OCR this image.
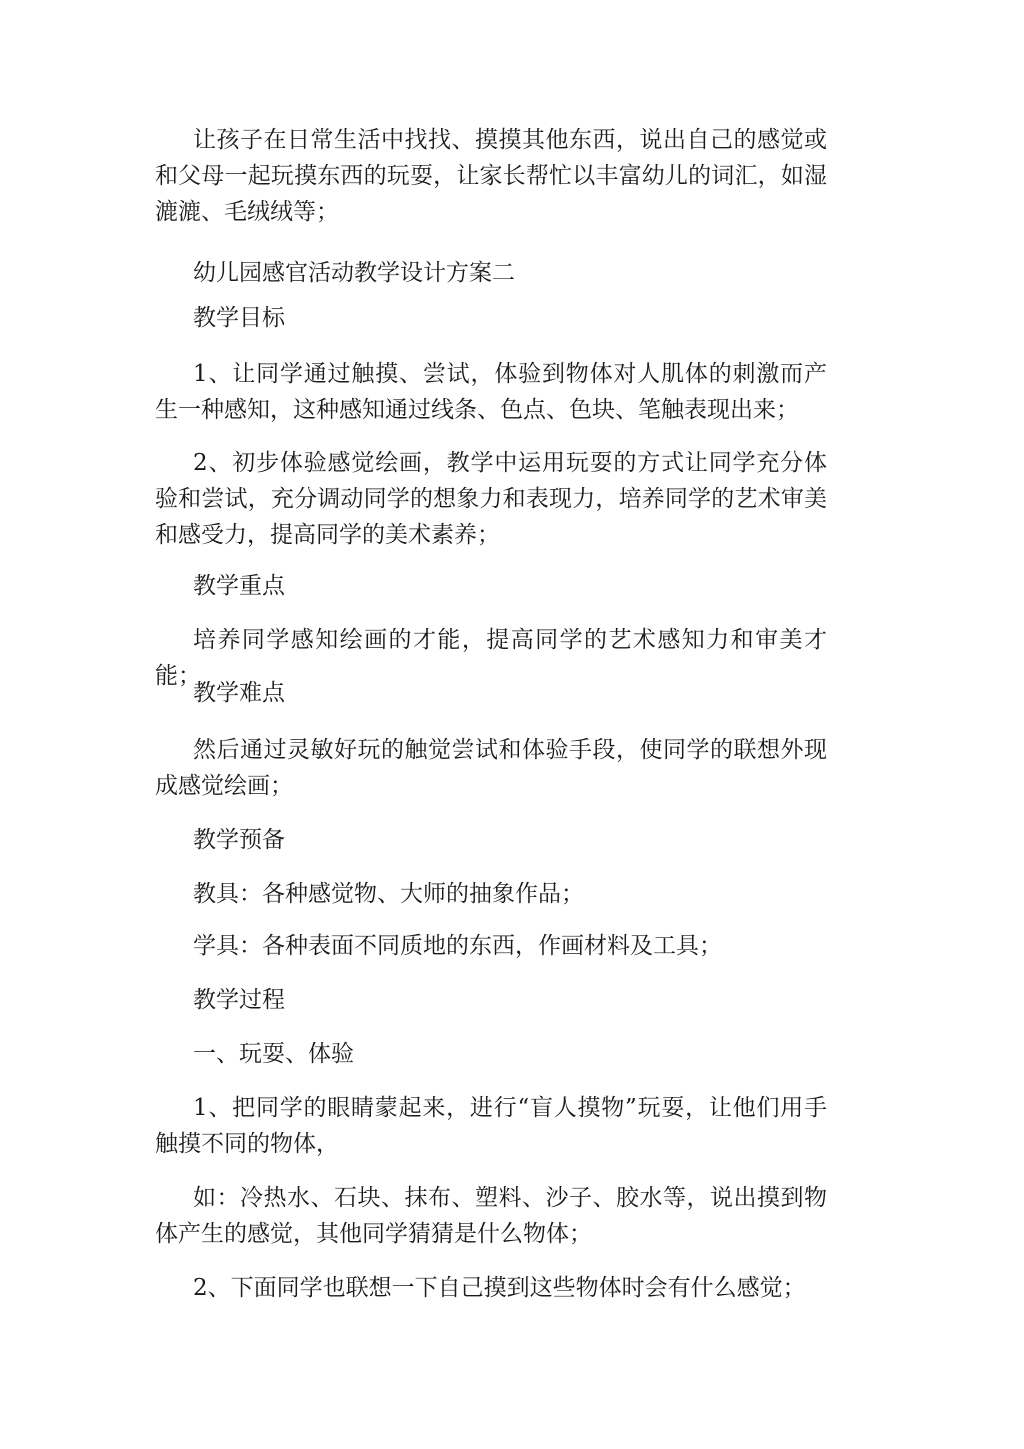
让孩子在日常生活中找找、摸摸其他东西，说出自己的感觉或和父母一起玩摸东西的玩耍，让家长帮忙以丰富幼儿的词汇，如湿漉漉、毛绒绒等；

幼儿园感官活动教学设计方案二

教学目标

1、让同学通过触摸、尝试，体验到物体对人肌体的刺激而产生一种感知，这种感知通过线条、色点、色块、笔触表现出来；

2、初步体验感觉绘画，教学中运用玩耍的方式让同学充分体验和尝试，充分调动同学的想象力和表现力，培养同学的艺术审美和感受力，提高同学的美术素养；

教学重点

培养同学感知绘画的才能，提高同学的艺术感知力和审美才能；

教学难点

然后通过灵敏好玩的触觉尝试和体验手段，使同学的联想外现成感觉绘画；

教学预备

教具：各种感觉物、大师的抽象作品；

学具：各种表面不同质地的东西，作画材料及工具；

教学过程

一、玩耍、体验

1、把同学的眼睛蒙起来，进行“盲人摸物”玩耍，让他们用手触摸不同的物体，

如：冷热水、石块、抹布、塑料、沙子、胶水等，说出摸到物体产生的感觉，其他同学猜猜是什么物体；

2、下面同学也联想一下自己摸到这些物体时会有什么感觉；
